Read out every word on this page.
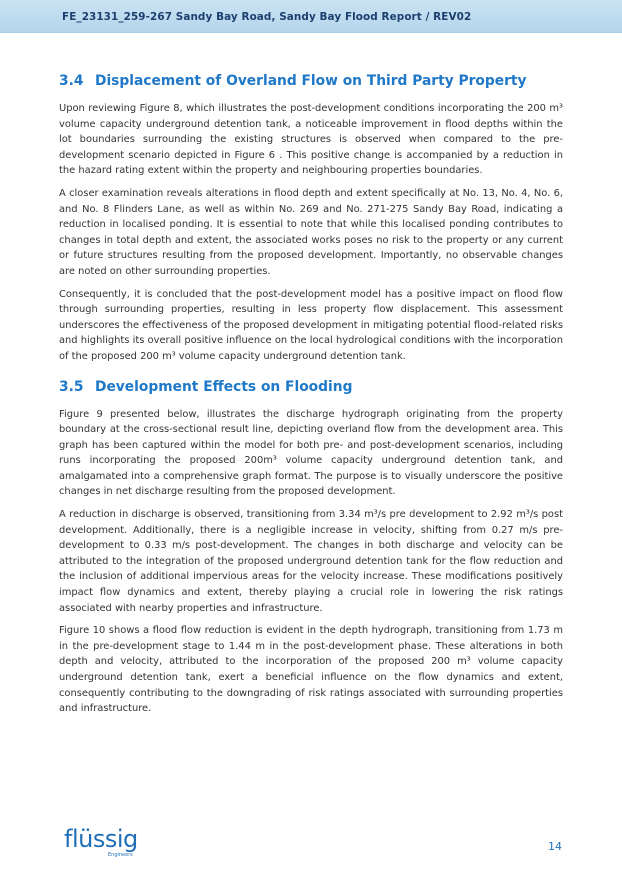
FE_23131_259-267 Sandy Bay Road, Sandy Bay Flood Report / REV02
3.4 Displacement of Overland Flow on Third Party Property

Upon reviewing Figure 8, which illustrates the post-development conditions incorporating the 200 m³ volume capacity underground detention tank, a noticeable improvement in flood depths within the lot boundaries surrounding the existing structures is observed when compared to the pre-development scenario depicted in Figure 6 . This positive change is accompanied by a reduction in the hazard rating extent within the property and neighbouring properties boundaries.

A closer examination reveals alterations in flood depth and extent specifically at No. 13, No. 4, No. 6, and No. 8 Flinders Lane, as well as within No. 269 and No. 271-275 Sandy Bay Road, indicating a reduction in localised ponding. It is essential to note that while this localised ponding contributes to changes in total depth and extent, the associated works poses no risk to the property or any current or future structures resulting from the proposed development. Importantly, no observable changes are noted on other surrounding properties.

Consequently, it is concluded that the post-development model has a positive impact on flood flow through surrounding properties, resulting in less property flow displacement. This assessment underscores the effectiveness of the proposed development in mitigating potential flood-related risks and highlights its overall positive influence on the local hydrological conditions with the incorporation of the proposed 200 m³ volume capacity underground detention tank.

3.5 Development Effects on Flooding

Figure 9 presented below, illustrates the discharge hydrograph originating from the property boundary at the cross-sectional result line, depicting overland flow from the development area. This graph has been captured within the model for both pre- and post-development scenarios, including runs incorporating the proposed 200m³ volume capacity underground detention tank, and amalgamated into a comprehensive graph format. The purpose is to visually underscore the positive changes in net discharge resulting from the proposed development.

A reduction in discharge is observed, transitioning from 3.34 m³/s pre development to 2.92 m³/s post development. Additionally, there is a negligible increase in velocity, shifting from 0.27 m/s pre-development to 0.33 m/s post-development. The changes in both discharge and velocity can be attributed to the integration of the proposed underground detention tank for the flow reduction and the inclusion of additional impervious areas for the velocity increase. These modifications positively impact flow dynamics and extent, thereby playing a crucial role in lowering the risk ratings associated with nearby properties and infrastructure.

Figure 10 shows a flood flow reduction is evident in the depth hydrograph, transitioning from 1.73 m in the pre-development stage to 1.44 m in the post-development phase. These alterations in both depth and velocity, attributed to the incorporation of the proposed 200 m³ volume capacity underground detention tank, exert a beneficial influence on the flow dynamics and extent, consequently contributing to the downgrading of risk ratings associated with surrounding properties and infrastructure.

flüssig
Engineers
14
